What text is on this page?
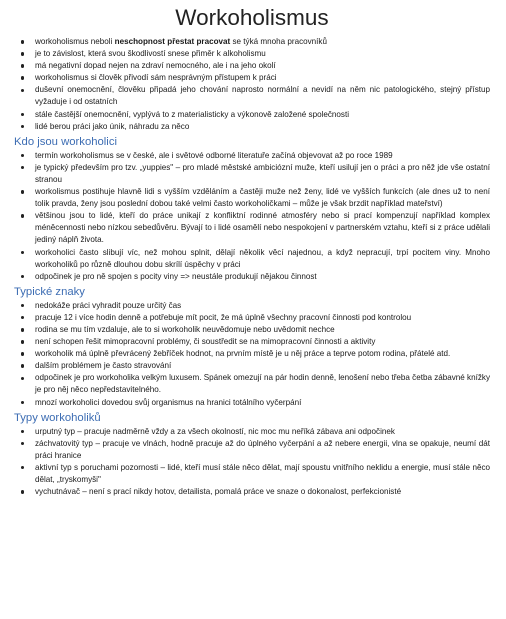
Workoholismus
workoholismus neboli neschopnost přestat pracovat se týká mnoha pracovníků
je to závislost, která svou škodlivostí snese přiměr k alkoholismu
má negativní dopad nejen na zdraví nemocného, ale i na jeho okolí
workoholismus si člověk přivodí sám nesprávným přístupem k práci
duševní onemocnění, člověku připadá jeho chování naprosto normální a nevidí na něm nic patologického, stejný přístup vyžaduje i od ostatních
stále častější onemocnění, vyplývá to z materialisticky a výkonově založené společnosti
lidé berou práci jako únik, náhradu za něco
Kdo jsou workoholici
termín workoholismus se v české, ale i světové odborné literatuře začíná objevovat až po roce 1989
je typický především pro tzv. „yuppies" – pro mladé městské ambiciózní muže, kteří usilují jen o práci a pro něž jde vše ostatní stranou
workolismus postihuje hlavně lidi s vyšším vzděláním a častěji muže než ženy, lidé ve vyšších funkcích (ale dnes už to není tolik pravda, ženy jsou poslední dobou také velmi často workoholičkami – může je však brzdit například mateřství)
většinou jsou to lidé, kteří do práce unikají z konfliktní rodinné atmosféry nebo si prací kompenzují například komplex méněcennosti nebo nízkou sebedůvěru. Bývají to i lidé osamělí nebo nespokojení v partnerském vztahu, kteří si z práce udělali jediný náplň života.
workoholici často slibují víc, než mohou splnit, dělají několik věcí najednou, a když nepracují, trpí pocitem viny. Mnoho workoholiků po různě dlouhou dobu skrílí úspěchy v práci
odpočinek je pro ně spojen s pocity viny => neustále produkují nějakou činnost
Typické znaky
nedokáže práci vyhradit pouze určitý čas
pracuje 12 i více hodin denně a potřebuje mít pocit, že má úplně všechny pracovní činnosti pod kontrolou
rodina se mu tím vzdaluje, ale to si workoholik neuvědomuje nebo uvědomit nechce
není schopen řešit mimopracovní problémy, či soustředit se na mimopracovní činnosti a aktivity
workoholik má úplně převrácený žebříček hodnot, na prvním místě je u něj práce a teprve potom rodina, přátelé atd.
dalším problémem je často stravování
odpočinek je pro workoholika velkým luxusem. Spánek omezují na pár hodin denně, lenošení nebo třeba četba zábavné knížky je pro něj něco nepředstavitelného.
mnozí workoholici dovedou svůj organismus na hranici totálního vyčerpání
Typy workoholiků
urputný typ – pracuje nadměrně vždy a za všech okolností, nic moc mu neříká zábava ani odpočinek
záchvatovitý typ – pracuje ve vlnách, hodně pracuje až do úplného vyčerpání a až nebere energii, vlna se opakuje, neumí dát práci hranice
aktivní typ s poruchami pozornosti – lidé, kteří musí stále něco dělat, mají spoustu vnitřního neklidu a energie, musí stále něco dělat, „tryskomyši"
vychutnávač – není s prací nikdy hotov, detailista, pomalá práce ve snaze o dokonalost, perfekcionisté
